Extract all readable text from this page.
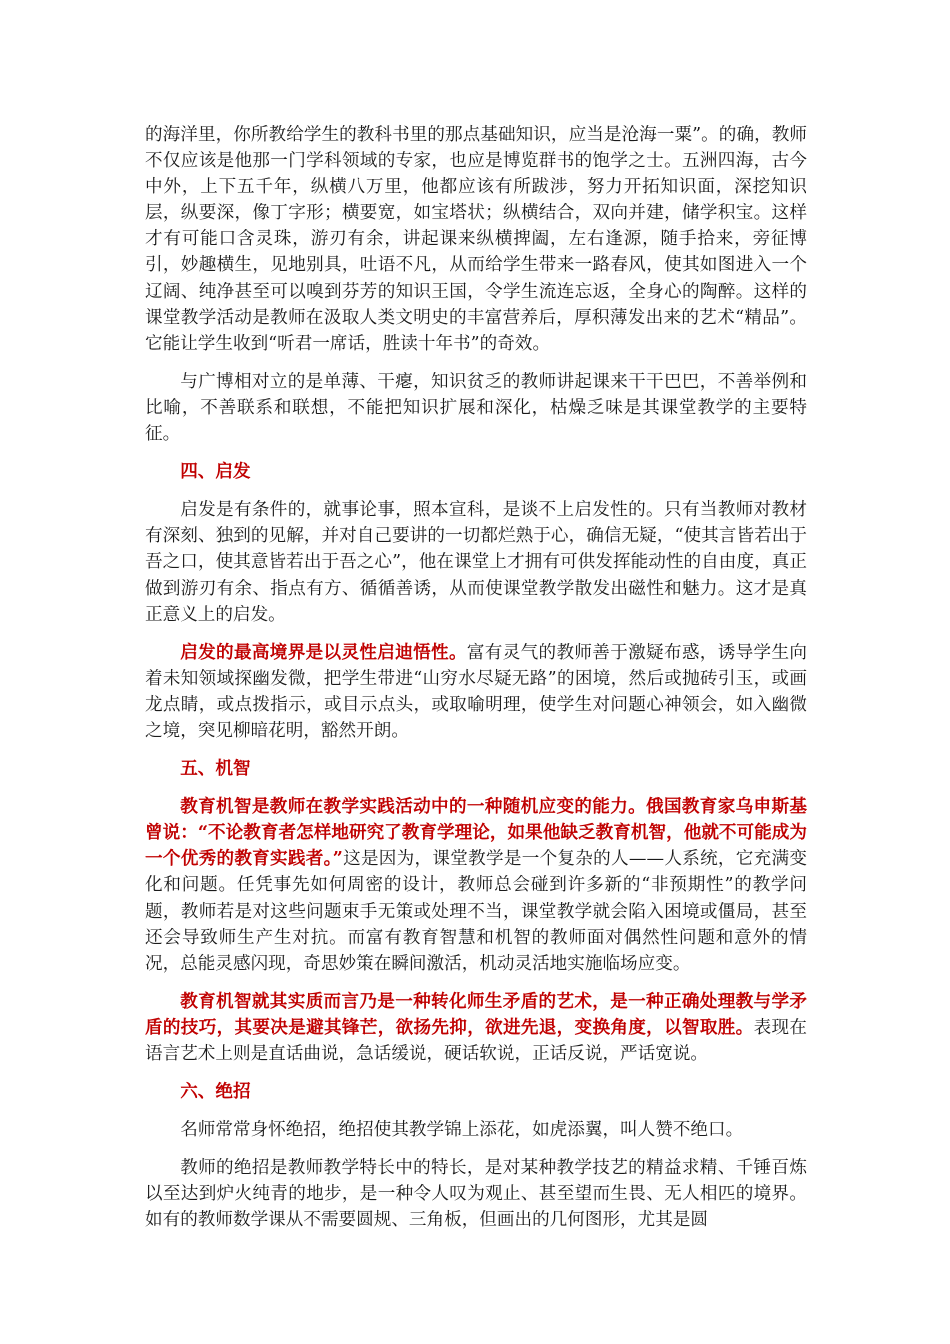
的海洋里，你所教给学生的教科书里的那点基础知识，应当是沧海一粟”。的确，教师不仅应该是他那一门学科领域的专家，也应是博览群书的饱学之士。五洲四海，古今中外，上下五千年，纵横八万里，他都应该有所跋涉，努力开拓知识面，深挖知识层，纵要深，像丁字形；横要宽，如宝塔状；纵横结合，双向并建，储学积宝。这样才有可能口含灵珠，游刃有余，讲起课来纵横捭阖，左右逢源，随手拾来，旁征博引，妙趣横生，见地别具，吐语不凡，从而给学生带来一路春风，使其如图进入一个辽阔、纯净甚至可以嗅到芬芳的知识王国，令学生流连忘返，全身心的陶醉。这样的课堂教学活动是教师在汲取人类文明史的丰富营养后，厚积薄发出来的艺术“精品”。它能让学生收到“听君一席话，胜读十年书”的奇效。

与广博相对立的是单薄、干瘪，知识贫乏的教师讲起课来干干巴巴，不善举例和比喻，不善联系和联想，不能把知识扩展和深化，枯燥乏味是其课堂教学的主要特征。

四、启发

启发是有条件的，就事论事，照本宣科，是谈不上启发性的。只有当教师对教材有深刻、独到的见解，并对自己要讲的一切都烂熟于心，确信无疑，“使其言皆若出于吾之口，使其意皆若出于吾之心”，他在课堂上才拥有可供发挥能动性的自由度，真正做到游刃有余、指点有方、循循善诱，从而使课堂教学散发出磁性和魅力。这才是真正意义上的启发。

启发的最高境界是以灵性启迪悟性。富有灵气的教师善于激疑布惑，诱导学生向着未知领域探幽发微，把学生带进“山穷水尽疑无路”的困境，然后或抛砖引玉，或画龙点睛，或点拨指示，或目示点头，或取喻明理，使学生对问题心神领会，如入幽微之境，突见柳暗花明，豁然开朗。

五、机智

教育机智是教师在教学实践活动中的一种随机应变的能力。俄国教育家乌申斯基曾说：“不论教育者怎样地研究了教育学理论，如果他缺乏教育机智，他就不可能成为一个优秀的教育实践者。”这是因为，课堂教学是一个复杂的人——人系统，它充满变化和问题。任凭事先如何周密的设计，教师总会碰到许多新的“非预期性”的教学问题，教师若是对这些问题束手无策或处理不当，课堂教学就会陷入困境或僵局，甚至还会导致师生产生对抗。而富有教育智慧和机智的教师面对偶然性问题和意外的情况，总能灵感闪现，奇思妙策在瞬间激活，机动灵活地实施临场应变。

教育机智就其实质而言乃是一种转化师生矛盾的艺术，是一种正确处理教与学矛盾的技巧，其要决是避其锋芒，欲扬先抑，欲进先退，变换角度，以智取胜。表现在语言艺术上则是直话曲说，急话缓说，硬话软说，正话反说，严话宽说。

六、绝招

名师常常身怀绝招，绝招使其教学锦上添花，如虎添翼，叫人赞不绝口。

教师的绝招是教师教学特长中的特长，是对某种教学技艺的精益求精、千锤百炼以至达到炉火纯青的地步，是一种令人叹为观止、甚至望而生畏、无人相匹的境界。如有的教师数学课从不需要圆规、三角板，但画出的几何图形，尤其是圆
